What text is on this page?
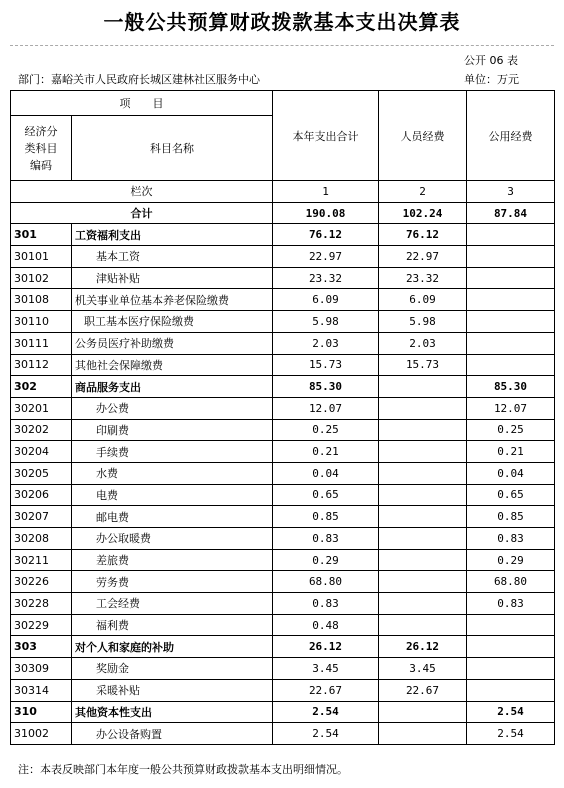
一般公共预算财政拨款基本支出决算表
公开 06 表
部门：嘉峪关市人民政府长城区建林社区服务中心	单位：万元
项　　目		本年支出合计	人员经费	公用经费
经济分
类科目
编码	科目名称			
栏次		1	2	3
合计		190.08	102.24	87.84
301	工资福利支出	76.12	76.12	
30101	基本工资	22.97	22.97	
30102	津贴补贴	23.32	23.32	
30108	机关事业单位基本养老保险缴费	6.09	6.09	
30110	职工基本医疗保险缴费	5.98	5.98	
30111	公务员医疗补助缴费	2.03	2.03	
30112	其他社会保障缴费	15.73	15.73	
302	商品服务支出	85.30		85.30
30201	办公费	12.07		12.07
30202	印刷费	0.25		0.25
30204	手续费	0.21		0.21
30205	水费	0.04		0.04
30206	电费	0.65		0.65
30207	邮电费	0.85		0.85
30208	办公取暖费	0.83		0.83
30211	差旅费	0.29		0.29
30226	劳务费	68.80		68.80
30228	工会经费	0.83		0.83
30229	福利费	0.48		
303	对个人和家庭的补助	26.12	26.12	
30309	奖励金	3.45	3.45	
30314	采暖补贴	22.67	22.67	
310	其他资本性支出	2.54		2.54
31002	办公设备购置	2.54		2.54
注：本表反映部门本年度一般公共预算财政拨款基本支出明细情况。
